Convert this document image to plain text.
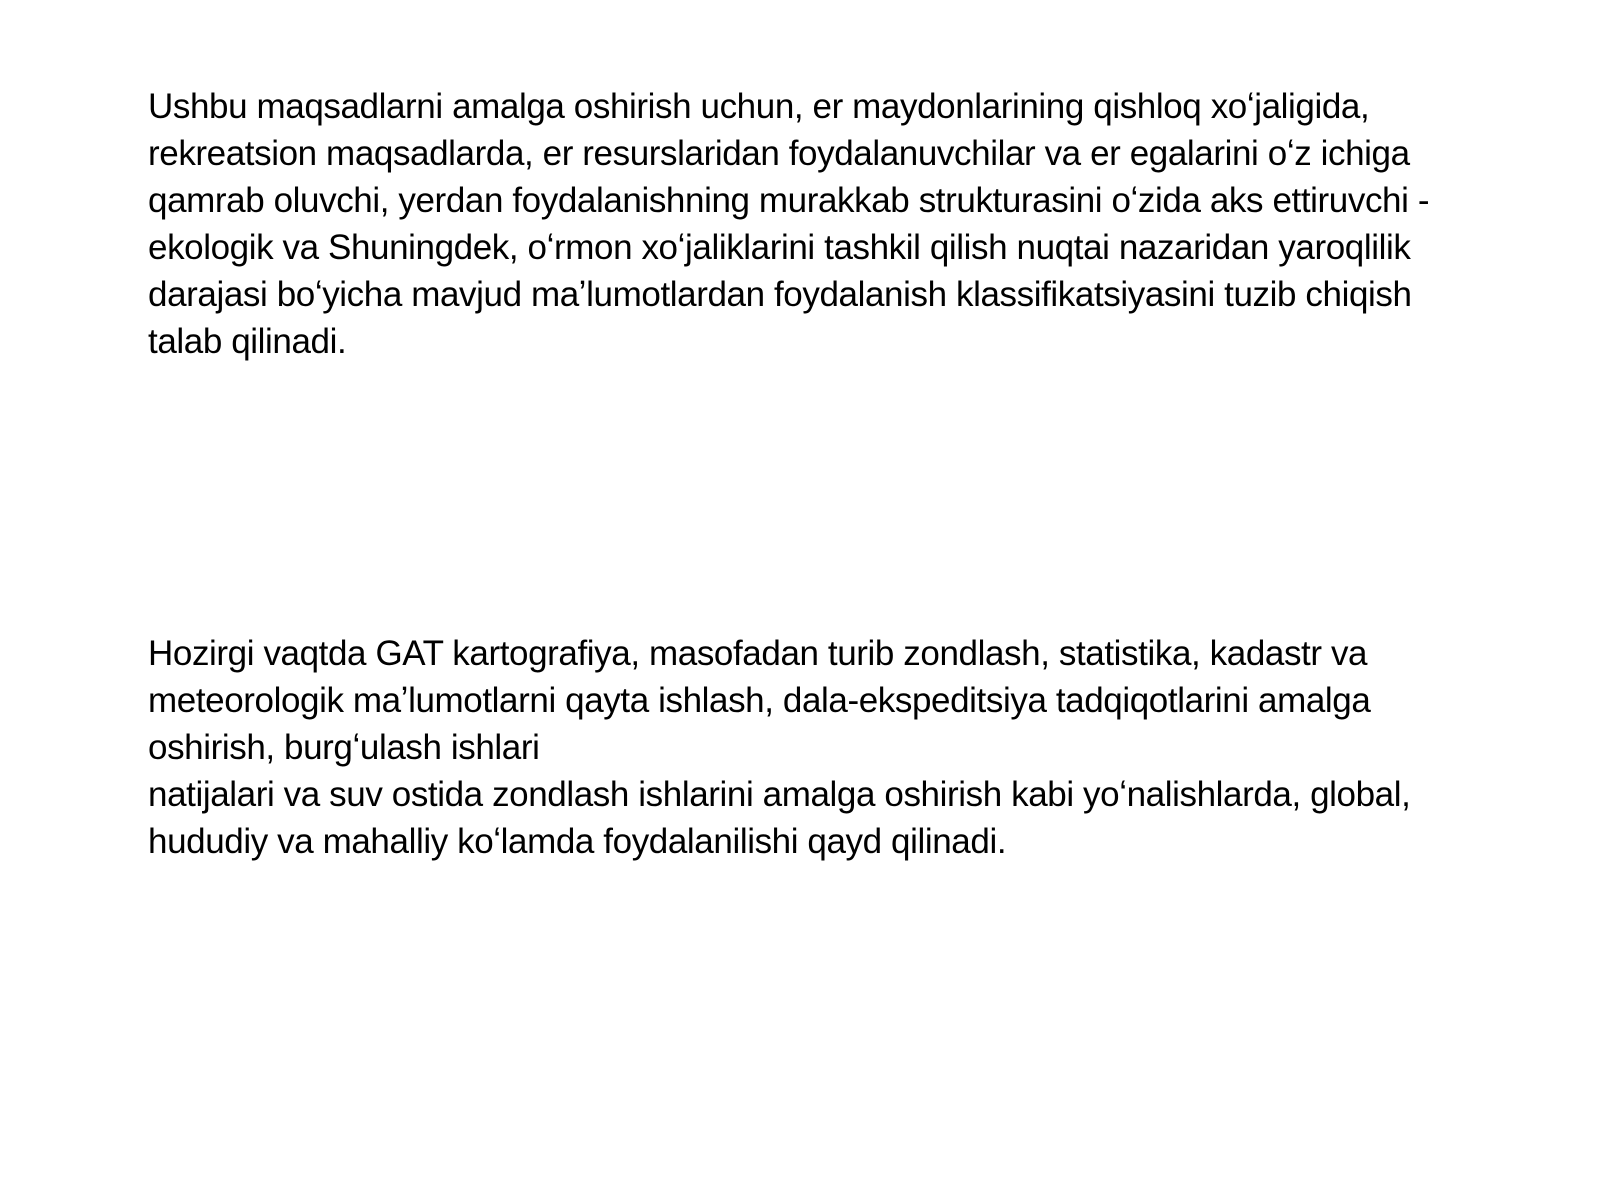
Ushbu maqsadlarni amalga oshirish uchun, er maydonlarining qishloq xoʻjaligida,
rekreatsion maqsadlarda, er resurslaridan foydalanuvchilar va er egalarini oʻz ichiga
qamrab oluvchi, yerdan foydalanishning murakkab strukturasini oʻzida aks ettiruvchi -
ekologik va Shuningdek, oʻrmon xoʻjaliklarini tashkil qilish nuqtai nazaridan yaroqlilik
darajasi boʻyicha mavjud maʼlumotlardan foydalanish klassifikatsiyasini tuzib chiqish
talab qilinadi.
Hozirgi vaqtda GAT kartografiya, masofadan turib zondlash, statistika, kadastr va
meteorologik maʼlumotlarni qayta ishlash, dala-ekspeditsiya tadqiqotlarini amalga
oshirish, burgʻulash ishlari
natijalari va suv ostida zondlash ishlarini amalga oshirish kabi yoʻnalishlarda, global,
hududiy va mahalliy koʻlamda foydalanilishi qayd qilinadi.
